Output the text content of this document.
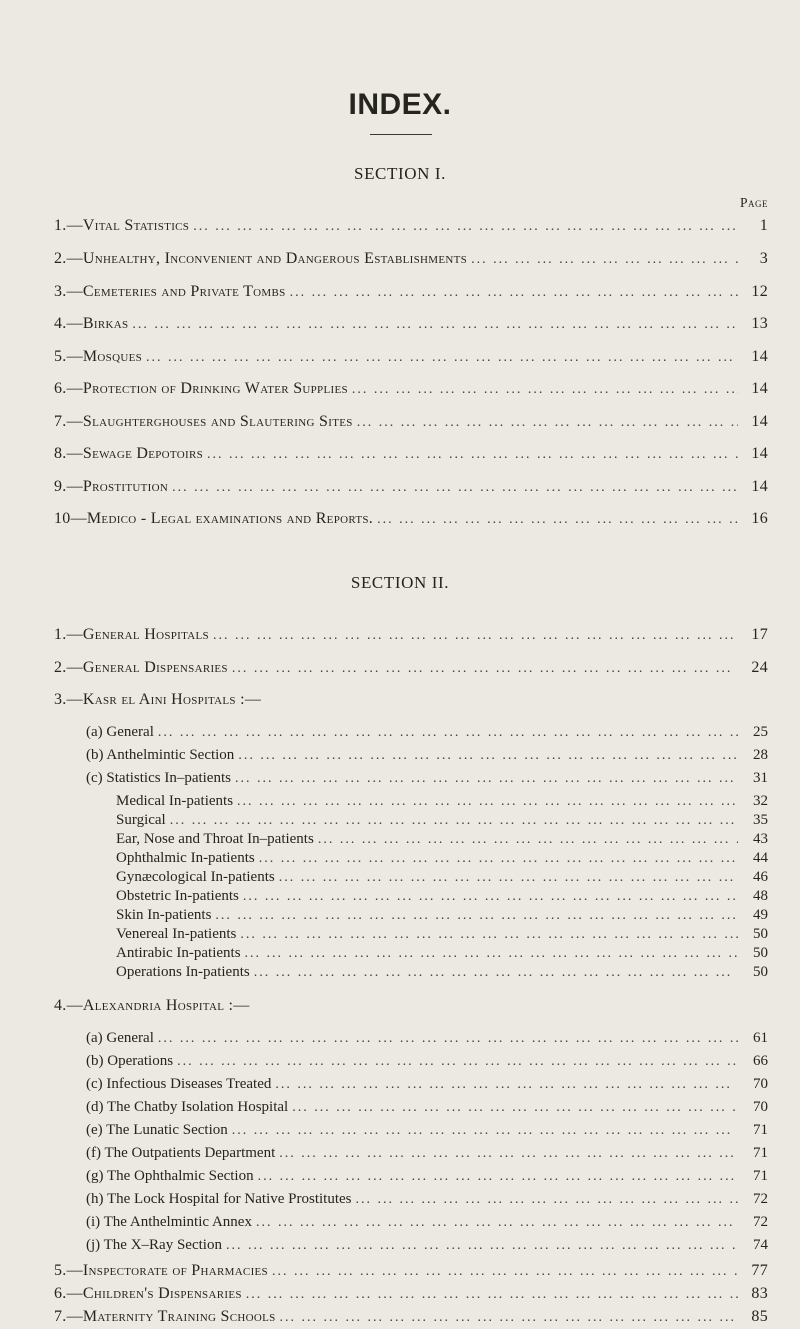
INDEX.
SECTION I.
Page
1.—Vital Statistics ... .	1
2.—Unhealthy, Inconvenient and Dangerous Establishments ... .	3
3.—Cemeteries and Private Tombs ... .	12
4.—Birkas ... .	13
5.—Mosques ... .	14
6.—Protection of Drinking Water Supplies ... .	14
7.—Slaughterghouses and Slautering Sites ... .	14
8.—Sewage Depotoirs ... .	14
9.—Prostitution ... .	14
10—Medico - Legal examinations and Reports. ... .	16
SECTION II.
1.—General Hospitals ... .	17
2.—General Dispensaries ... .	24
3.—Kasr el Aini Hospitals :—
(a) General ... .	25
(b) Anthelmintic Section ... .	28
(c) Statistics In–patients ... .	31
Medical In-patients ... .	32
Surgical ... .	35
Ear, Nose and Throat In–patients ... .	43
Ophthalmic In-patients ... .	44
Gynæcological In-patients ... .	46
Obstetric In-patients ... .	48
Skin In-patients ... .	49
Venereal In-patients ... .	50
Antirabic In-patients ... .	50
Operations In-patients ... .	50
4.—Alexandria Hospital :—
(a) General ... .	61
(b) Operations ... .	66
(c) Infectious Diseases Treated ... .	70
(d) The Chatby Isolation Hospital ... .	70
(e) The Lunatic Section ... .	71
(f) The Outpatients Department ... .	71
(g) The Ophthalmic Section ... .	71
(h) The Lock Hospital for Native Prostitutes ... .	72
(i) The Anthelmintic Annex ... .	72
(j) The X–Ray Section ... .	74
5.—Inspectorate of Pharmacies ... .	77
6.—Children's Dispensaries ... .	83
7.—Maternity Training Schools ... .	85
